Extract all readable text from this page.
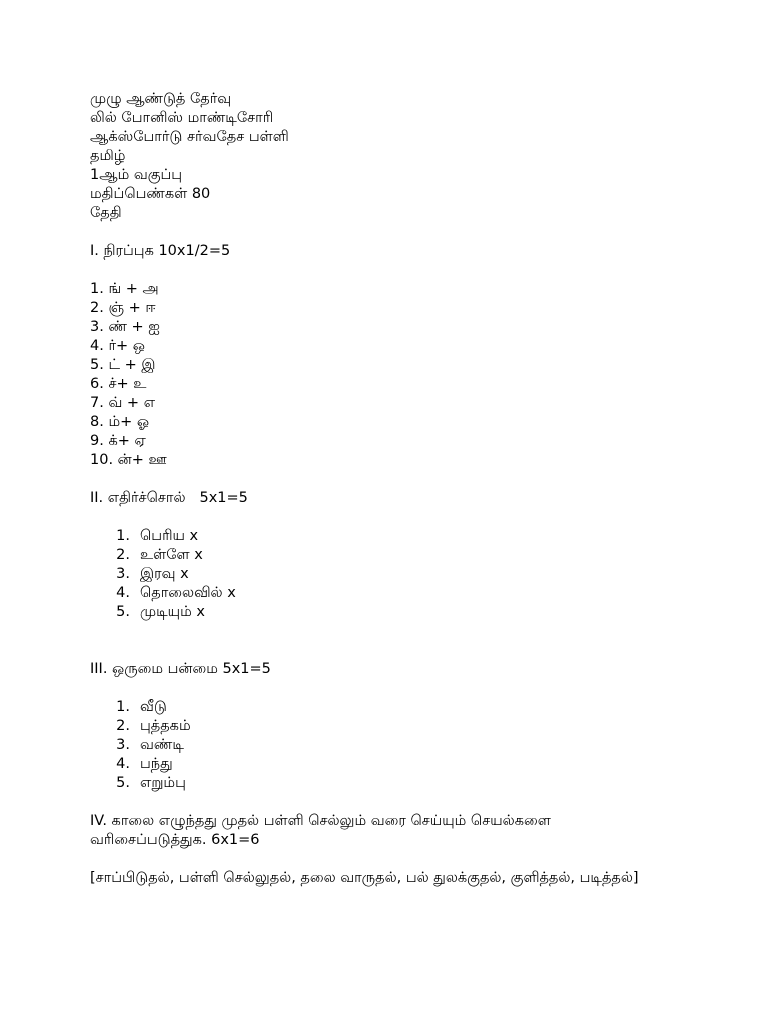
முழு ஆண்டுத் தேர்வு
லில் போனிஸ் மாண்டிசோரி
ஆக்ஸ்போர்டு சர்வதேச பள்ளி
தமிழ்
1ஆம் வகுப்பு
மதிப்பெண்கள் 80
தேதி
I. நிரப்புக 10x1/2=5
1. ங் + அ
2. ஞ் + ஈ
3. ண் + ஐ
4. ர்+ ஒ
5. ட் + இ
6. ச்+ உ
7. வ் + எ
8. ம்+ ஓ
9. க்+ ஏ
10. ன்+ ஊ
II. எதிர்ச்சொல் 5x1=5
1. பெரிய x
2. உள்ளே x
3. இரவு x
4. தொலைவில் x
5. முடியும் x
III. ஒருமை பன்மை 5x1=5
1. வீடு
2. புத்தகம்
3. வண்டி
4. பந்து
5. எறும்பு
IV. காலை எழுந்தது முதல் பள்ளி செல்லும் வரை செய்யும் செயல்களை வரிசைப்படுத்துக. 6x1=6
[சாப்பிடுதல், பள்ளி செல்லுதல், தலை வாருதல், பல் துலக்குதல், குளித்தல், படித்தல்]
